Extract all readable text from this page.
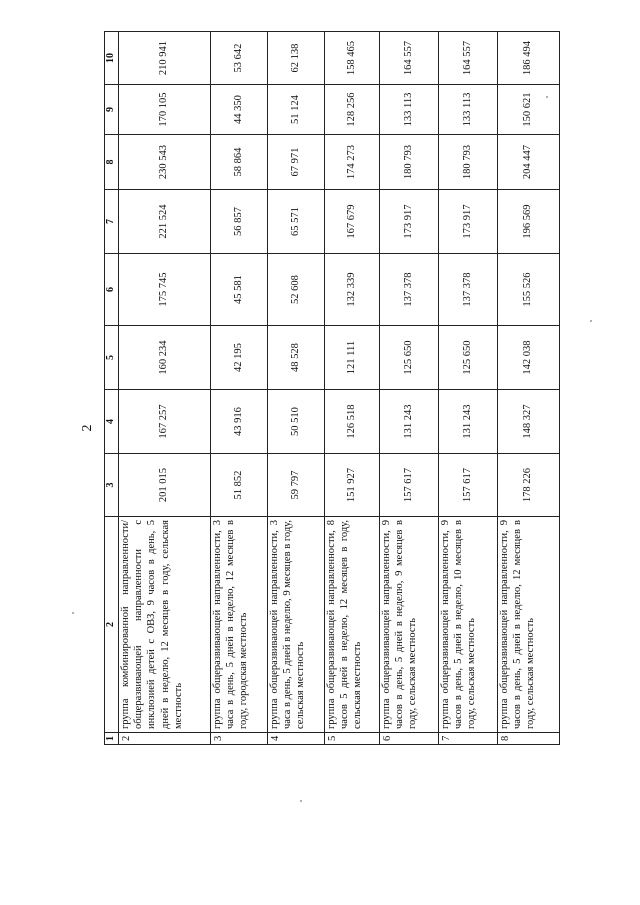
2
1	2	3	4	5	6	7	8	9	10
2	группа комбинированной направленности/общеразвивающей направленности с инклюзией детей с ОВЗ, 9 часов в день, 5 дней в неделю, 12 месяцев в году, сельская местность	201 015	167 257	160 234	175 745	221 524	230 543	170 105	210 941
3	группа общеразвивающей направленности, 3 часа в день, 5 дней в неделю, 12 месяцев в году, городская местность	51 852	43 916	42 195	45 581	56 857	58 864	44 350	53 642
4	группа общеразвивающей направленности, 3 часа в день, 5 дней в неделю, 9 месяцев в году, сельская местность	59 797	50 510	48 528	52 608	65 571	67 971	51 124	62 138
5	группа общеразвивающей направленности, 8 часов 5 дней в неделю, 12 месяцев в году, сельская местность	151 927	126 518	121 111	132 339	167 679	174 273	128 256	158 465
6	группа общеразвивающей направленности, 9 часов в день, 5 дней в неделю, 9 месяцев в году, сельская местность	157 617	131 243	125 650	137 378	173 917	180 793	133 113	164 557
7	группа общеразвивающей направленности, 9 часов в день, 5 дней в неделю, 10 месяцев в году, сельская местность	157 617	131 243	125 650	137 378	173 917	180 793	133 113	164 557
8	группа общеразвивающей направленности, 9 часов в день, 5 дней в неделю, 12 месяцев в году, сельская местность	178 226	148 327	142 038	155 526	196 569	204 447	150 621	186 494
